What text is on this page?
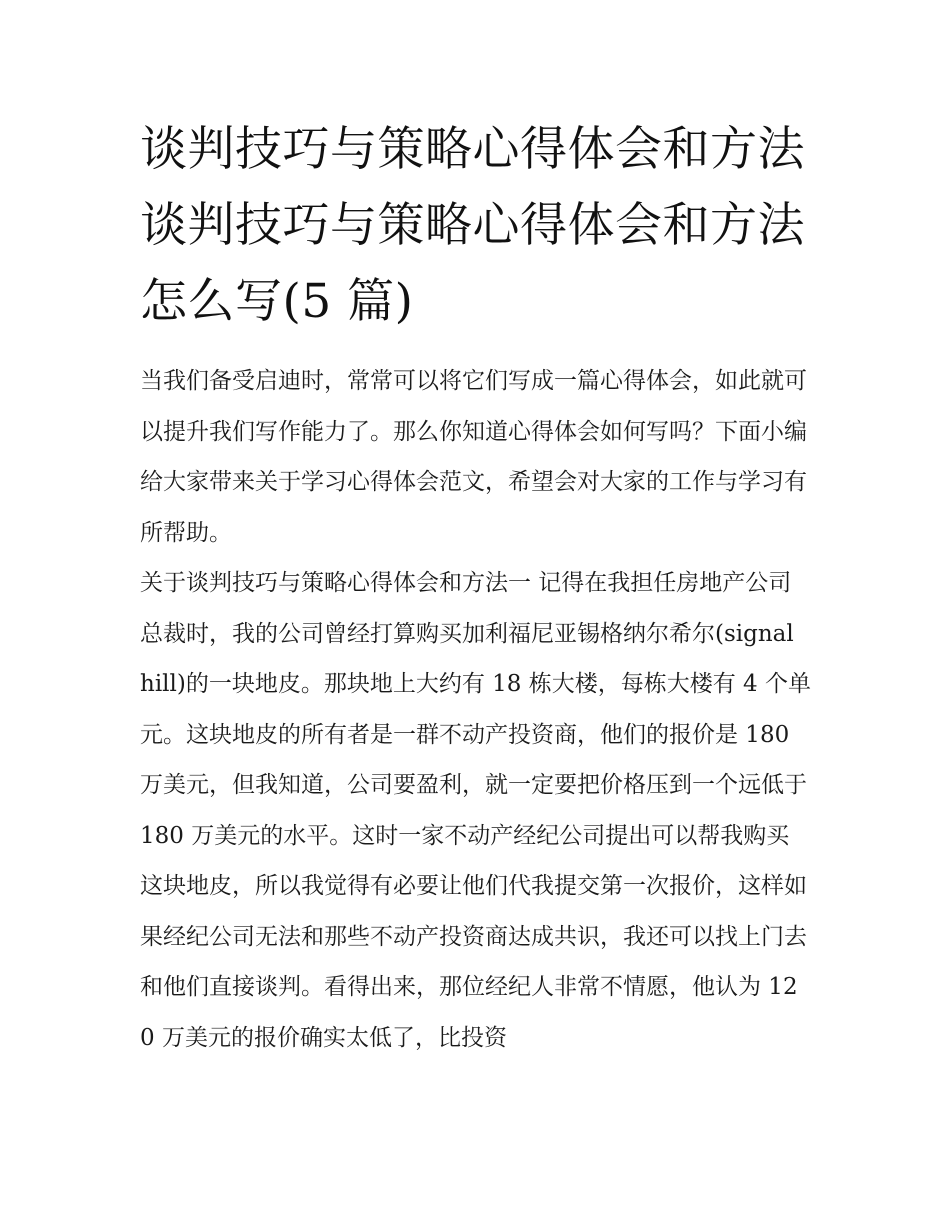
谈判技巧与策略心得体会和方法 谈判技巧与策略心得体会和方法怎么写(5 篇)

当我们备受启迪时，常常可以将它们写成一篇心得体会，如此就可以提升我们写作能力了。那么你知道心得体会如何写吗？下面小编给大家带来关于学习心得体会范文，希望会对大家的工作与学习有所帮助。

关于谈判技巧与策略心得体会和方法一 记得在我担任房地产公司总裁时，我的公司曾经打算购买加利福尼亚锡格纳尔希尔(signal

hill)的一块地皮。那块地上大约有 18 栋大楼，每栋大楼有 4 个单元。这块地皮的所有者是一群不动产投资商，他们的报价是 180 万美元，但我知道，公司要盈利，就一定要把价格压到一个远低于 180 万美元的水平。这时一家不动产经纪公司提出可以帮我购买这块地皮，所以我觉得有必要让他们代我提交第一次报价，这样如果经纪公司无法和那些不动产投资商达成共识，我还可以找上门去和他们直接谈判。看得出来，那位经纪人非常不情愿，他认为 120 万美元的报价确实太低了，比投资
